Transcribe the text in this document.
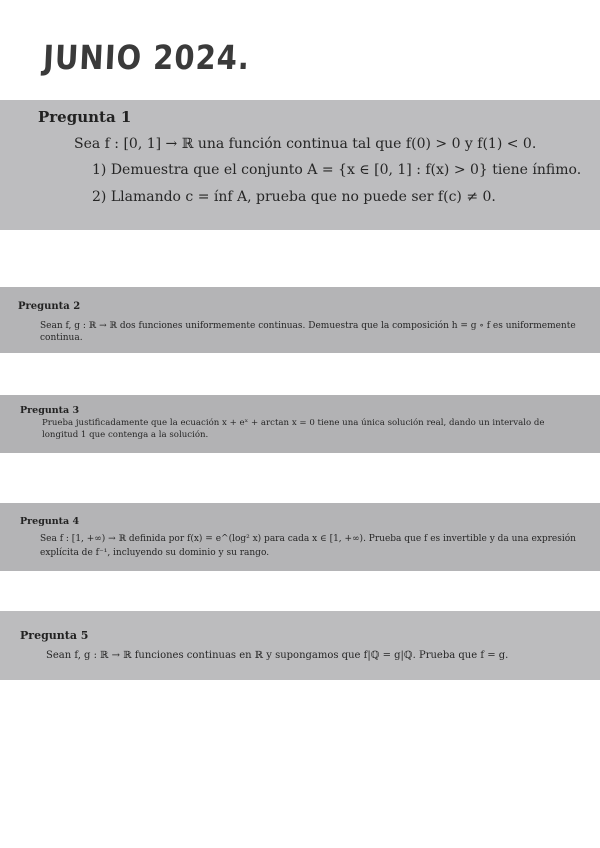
JUNIO 2024.
Pregunta 1
Sea f : [0, 1] → ℝ una función continua tal que f(0) > 0 y f(1) < 0.
1) Demuestra que el conjunto A = {x ∈ [0, 1] : f(x) > 0} tiene ínfimo.
2) Llamando c = ínf A, prueba que no puede ser f(c) ≠ 0.
Pregunta 2
Sean f, g : ℝ → ℝ dos funciones uniformemente continuas. Demuestra que la composición h = g ∘ f es uniformemente continua.
Pregunta 3
Prueba justificadamente que la ecuación x + eˣ + arctan x = 0 tiene una única solución real, dando un intervalo de longitud 1 que contenga a la solución.
Pregunta 4
Sea f : [1, +∞) → ℝ definida por f(x) = e^(log² x) para cada x ∈ [1, +∞). Prueba que f es invertible y da una expresión explícita de f⁻¹, incluyendo su dominio y su rango.
Pregunta 5
Sean f, g : ℝ → ℝ funciones continuas en ℝ y supongamos que f|ℚ = g|ℚ. Prueba que f = g.
